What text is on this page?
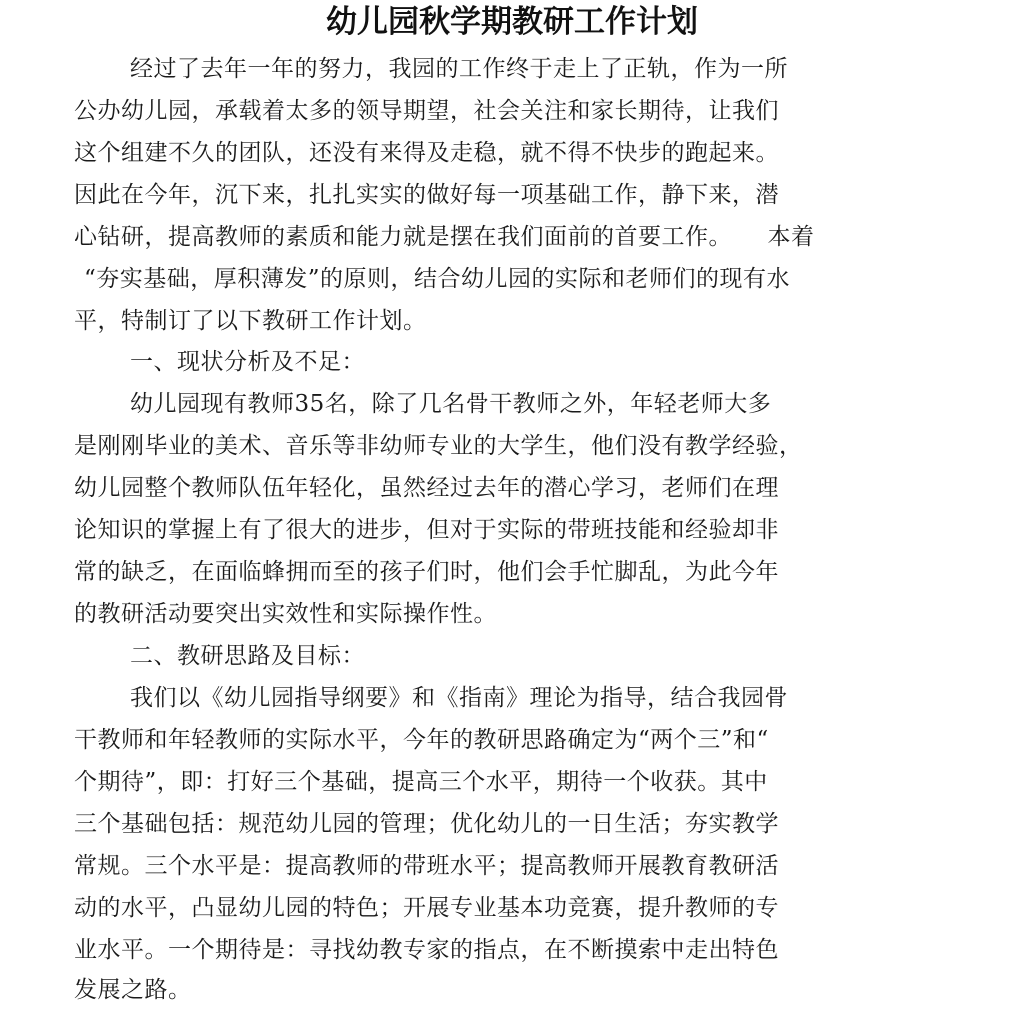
幼儿园秋学期教研工作计划
经过了去年一年的努力，我园的工作终于走上了正轨，作为一所
公办幼儿园，承载着太多的领导期望，社会关注和家长期待，让我们
这个组建不久的团队，还没有来得及走稳，就不得不快步的跑起来。
因此在今年，沉下来，扎扎实实的做好每一项基础工作，静下来，潜
心钻研，提高教师的素质和能力就是摆在我们面前的首要工作。　　本着
“夯实基础，厚积薄发”的原则，结合幼儿园的实际和老师们的现有水
平，特制订了以下教研工作计划。
一、现状分析及不足：
幼儿园现有教师35名，除了几名骨干教师之外，年轻老师大多
是刚刚毕业的美术、音乐等非幼师专业的大学生，他们没有教学经验，
幼儿园整个教师队伍年轻化，虽然经过去年的潜心学习，老师们在理
论知识的掌握上有了很大的进步，但对于实际的带班技能和经验却非
常的缺乏，在面临蜂拥而至的孩子们时，他们会手忙脚乱，为此今年
的教研活动要突出实效性和实际操作性。
二、教研思路及目标：
我们以《幼儿园指导纲要》和《指南》理论为指导，结合我园骨
干教师和年轻教师的实际水平，今年的教研思路确定为“两个三”和“
个期待”，即：打好三个基础，提高三个水平，期待一个收获。其中
三个基础包括：规范幼儿园的管理；优化幼儿的一日生活；夯实教学
常规。三个水平是：提高教师的带班水平；提高教师开展教育教研活
动的水平，凸显幼儿园的特色；开展专业基本功竞赛，提升教师的专
业水平。一个期待是：寻找幼教专家的指点，在不断摸索中走出特色
发展之路。
